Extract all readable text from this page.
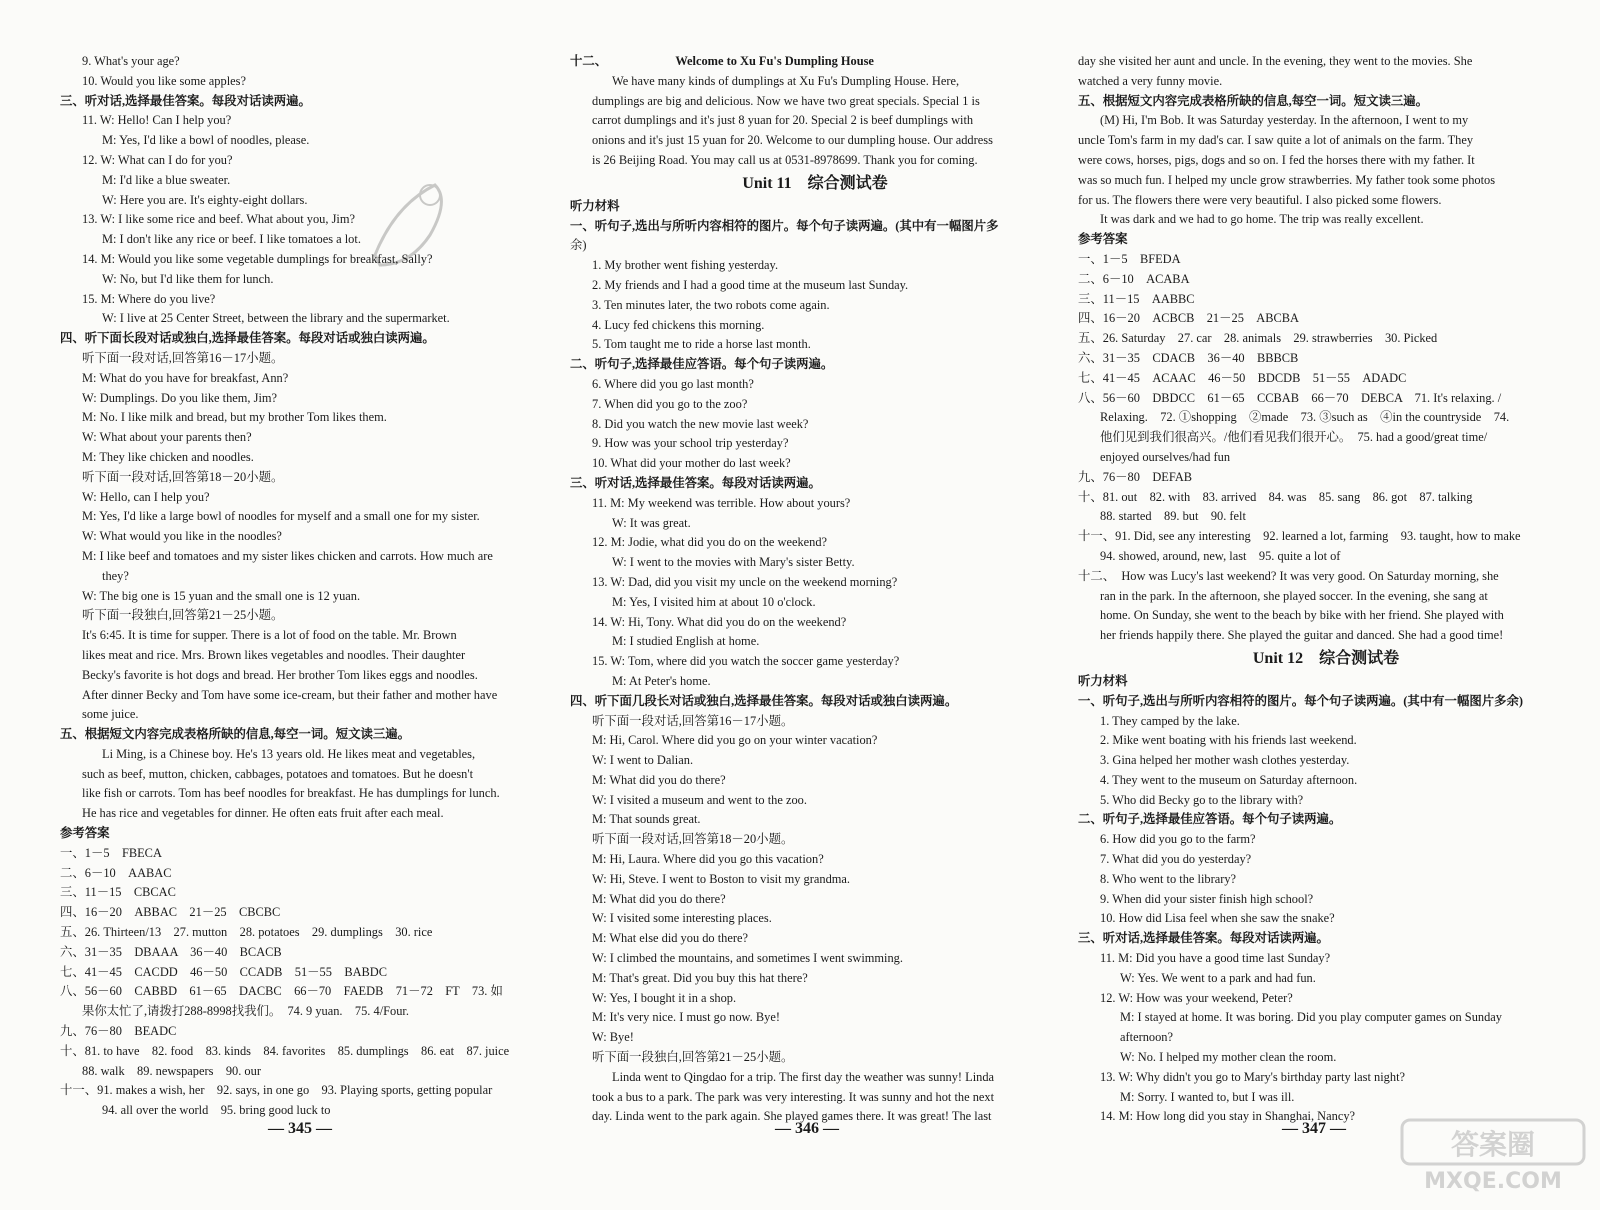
9. What's your age?
10. Would you like some apples?
三、听对话,选择最佳答案。每段对话读两遍。
11. W: Hello! Can I help you?
M: Yes, I'd like a bowl of noodles, please.
12. W: What can I do for you?
M: I'd like a blue sweater.
W: Here you are. It's eighty-eight dollars.
13. W: I like some rice and beef. What about you, Jim?
M: I don't like any rice or beef. I like tomatoes a lot.
14. M: Would you like some vegetable dumplings for breakfast, Sally?
W: No, but I'd like them for lunch.
15. M: Where do you live?
W: I live at 25 Center Street, between the library and the supermarket.
四、听下面长段对话或独白,选择最佳答案。每段对话或独白读两遍。
听下面一段对话,回答第16－17小题。
M: What do you have for breakfast, Ann?
W: Dumplings. Do you like them, Jim?
M: No. I like milk and bread, but my brother Tom likes them.
W: What about your parents then?
M: They like chicken and noodles.
听下面一段对话,回答第18－20小题。
W: Hello, can I help you?
M: Yes, I'd like a large bowl of noodles for myself and a small one for my sister.
W: What would you like in the noodles?
M: I like beef and tomatoes and my sister likes chicken and carrots. How much are
they?
W: The big one is 15 yuan and the small one is 12 yuan.
听下面一段独白,回答第21－25小题。
It's 6:45. It is time for supper. There is a lot of food on the table. Mr. Brown
likes meat and rice. Mrs. Brown likes vegetables and noodles. Their daughter
Becky's favorite is hot dogs and bread. Her brother Tom likes eggs and noodles.
After dinner Becky and Tom have some ice-cream, but their father and mother have
some juice.
五、根据短文内容完成表格所缺的信息,每空一词。短文读三遍。
Li Ming, is a Chinese boy. He's 13 years old. He likes meat and vegetables,
such as beef, mutton, chicken, cabbages, potatoes and tomatoes. But he doesn't
like fish or carrots. Tom has beef noodles for breakfast. He has dumplings for lunch.
He has rice and vegetables for dinner. He often eats fruit after each meal.
参考答案
一、1－5　FBECA
二、6－10　AABAC
三、11－15　CBCAC
四、16－20　ABBAC　21－25　CBCBC
五、26. Thirteen/13　27. mutton　28. potatoes　29. dumplings　30. rice
六、31－35　DBAAA　36－40　BCACB
七、41－45　CACDD　46－50　CCADB　51－55　BABDC
八、56－60　CABBD　61－65　DACBC　66－70　FAEDB　71－72　FT　73. 如
果你太忙了,请拨打288-8998找我们。　74. 9 yuan.　75. 4/Four.
九、76－80　BEADC
十、81. to have　82. food　83. kinds　84. favorites　85. dumplings　86. eat　87. juice
88. walk　89. newspapers　90. our
十一、91. makes a wish, her　92. says, in one go　93. Playing sports, getting popular
94. all over the world　95. bring good luck to
十二、　　　　　　Welcome to Xu Fu's Dumpling House
We have many kinds of dumplings at Xu Fu's Dumpling House. Here,
dumplings are big and delicious. Now we have two great specials. Special 1 is
carrot dumplings and it's just 8 yuan for 20. Special 2 is beef dumplings with
onions and it's just 15 yuan for 20. Welcome to our dumpling house. Our address
is 26 Beijing Road. You may call us at 0531-8978699. Thank you for coming.
Unit 11　综合测试卷
听力材料
一、听句子,选出与所听内容相符的图片。每个句子读两遍。(其中有一幅图片多
余)
1. My brother went fishing yesterday.
2. My friends and I had a good time at the museum last Sunday.
3. Ten minutes later, the two robots come again.
4. Lucy fed chickens this morning.
5. Tom taught me to ride a horse last month.
二、听句子,选择最佳应答语。每个句子读两遍。
6. Where did you go last month?
7. When did you go to the zoo?
8. Did you watch the new movie last week?
9. How was your school trip yesterday?
10. What did your mother do last week?
三、听对话,选择最佳答案。每段对话读两遍。
11. M: My weekend was terrible. How about yours?
W: It was great.
12. M: Jodie, what did you do on the weekend?
W: I went to the movies with Mary's sister Betty.
13. W: Dad, did you visit my uncle on the weekend morning?
M: Yes, I visited him at about 10 o'clock.
14. W: Hi, Tony. What did you do on the weekend?
M: I studied English at home.
15. W: Tom, where did you watch the soccer game yesterday?
M: At Peter's home.
四、听下面几段长对话或独白,选择最佳答案。每段对话或独白读两遍。
听下面一段对话,回答第16－17小题。
M: Hi, Carol. Where did you go on your winter vacation?
W: I went to Dalian.
M: What did you do there?
W: I visited a museum and went to the zoo.
M: That sounds great.
听下面一段对话,回答第18－20小题。
M: Hi, Laura. Where did you go this vacation?
W: Hi, Steve. I went to Boston to visit my grandma.
M: What did you do there?
W: I visited some interesting places.
M: What else did you do there?
W: I climbed the mountains, and sometimes I went swimming.
M: That's great. Did you buy this hat there?
W: Yes, I bought it in a shop.
M: It's very nice. I must go now. Bye!
W: Bye!
听下面一段独白,回答第21－25小题。
Linda went to Qingdao for a trip. The first day the weather was sunny! Linda
took a bus to a park. The park was very interesting. It was sunny and hot the next
day. Linda went to the park again. She played games there. It was great! The last
day she visited her aunt and uncle. In the evening, they went to the movies. She
watched a very funny movie.
五、根据短文内容完成表格所缺的信息,每空一词。短文读三遍。
(M) Hi, I'm Bob. It was Saturday yesterday. In the afternoon, I went to my
uncle Tom's farm in my dad's car. I saw quite a lot of animals on the farm. They
were cows, horses, pigs, dogs and so on. I fed the horses there with my father. It
was so much fun. I helped my uncle grow strawberries. My father took some photos
for us. The flowers there were very beautiful. I also picked some flowers.
It was dark and we had to go home. The trip was really excellent.
参考答案
一、1－5　BFEDA
二、6－10　ACABA
三、11－15　AABBC
四、16－20　ACBCB　21－25　ABCBA
五、26. Saturday　27. car　28. animals　29. strawberries　30. Picked
六、31－35　CDACB　36－40　BBBCB
七、41－45　ACAAC　46－50　BDCDB　51－55　ADADC
八、56－60　DBDCC　61－65　CCBAB　66－70　DEBCA　71. It's relaxing. /
Relaxing.　72. ①shopping　②made　73. ③such as　④in the countryside　74.
他们见到我们很高兴。/他们看见我们很开心。　75. had a good/great time/
enjoyed ourselves/had fun
九、76－80　DEFAB
十、81. out　82. with　83. arrived　84. was　85. sang　86. got　87. talking
88. started　89. but　90. felt
十一、91. Did, see any interesting　92. learned a lot, farming　93. taught, how to make
94. showed, around, new, last　95. quite a lot of
十二、　How was Lucy's last weekend? It was very good. On Saturday morning, she
ran in the park. In the afternoon, she played soccer. In the evening, she sang at
home. On Sunday, she went to the beach by bike with her friend. She played with
her friends happily there. She played the guitar and danced. She had a good time!
Unit 12　综合测试卷
听力材料
一、听句子,选出与所听内容相符的图片。每个句子读两遍。(其中有一幅图片多余)
1. They camped by the lake.
2. Mike went boating with his friends last weekend.
3. Gina helped her mother wash clothes yesterday.
4. They went to the museum on Saturday afternoon.
5. Who did Becky go to the library with?
二、听句子,选择最佳应答语。每个句子读两遍。
6. How did you go to the farm?
7. What did you do yesterday?
8. Who went to the library?
9. When did your sister finish high school?
10. How did Lisa feel when she saw the snake?
三、听对话,选择最佳答案。每段对话读两遍。
11. M: Did you have a good time last Sunday?
W: Yes. We went to a park and had fun.
12. W: How was your weekend, Peter?
M: I stayed at home. It was boring. Did you play computer games on Sunday
afternoon?
W: No. I helped my mother clean the room.
13. W: Why didn't you go to Mary's birthday party last night?
M: Sorry. I wanted to, but I was ill.
14. M: How long did you stay in Shanghai, Nancy?
— 345 —	— 346 —	— 347 —	答案圈
MXQE.COM
